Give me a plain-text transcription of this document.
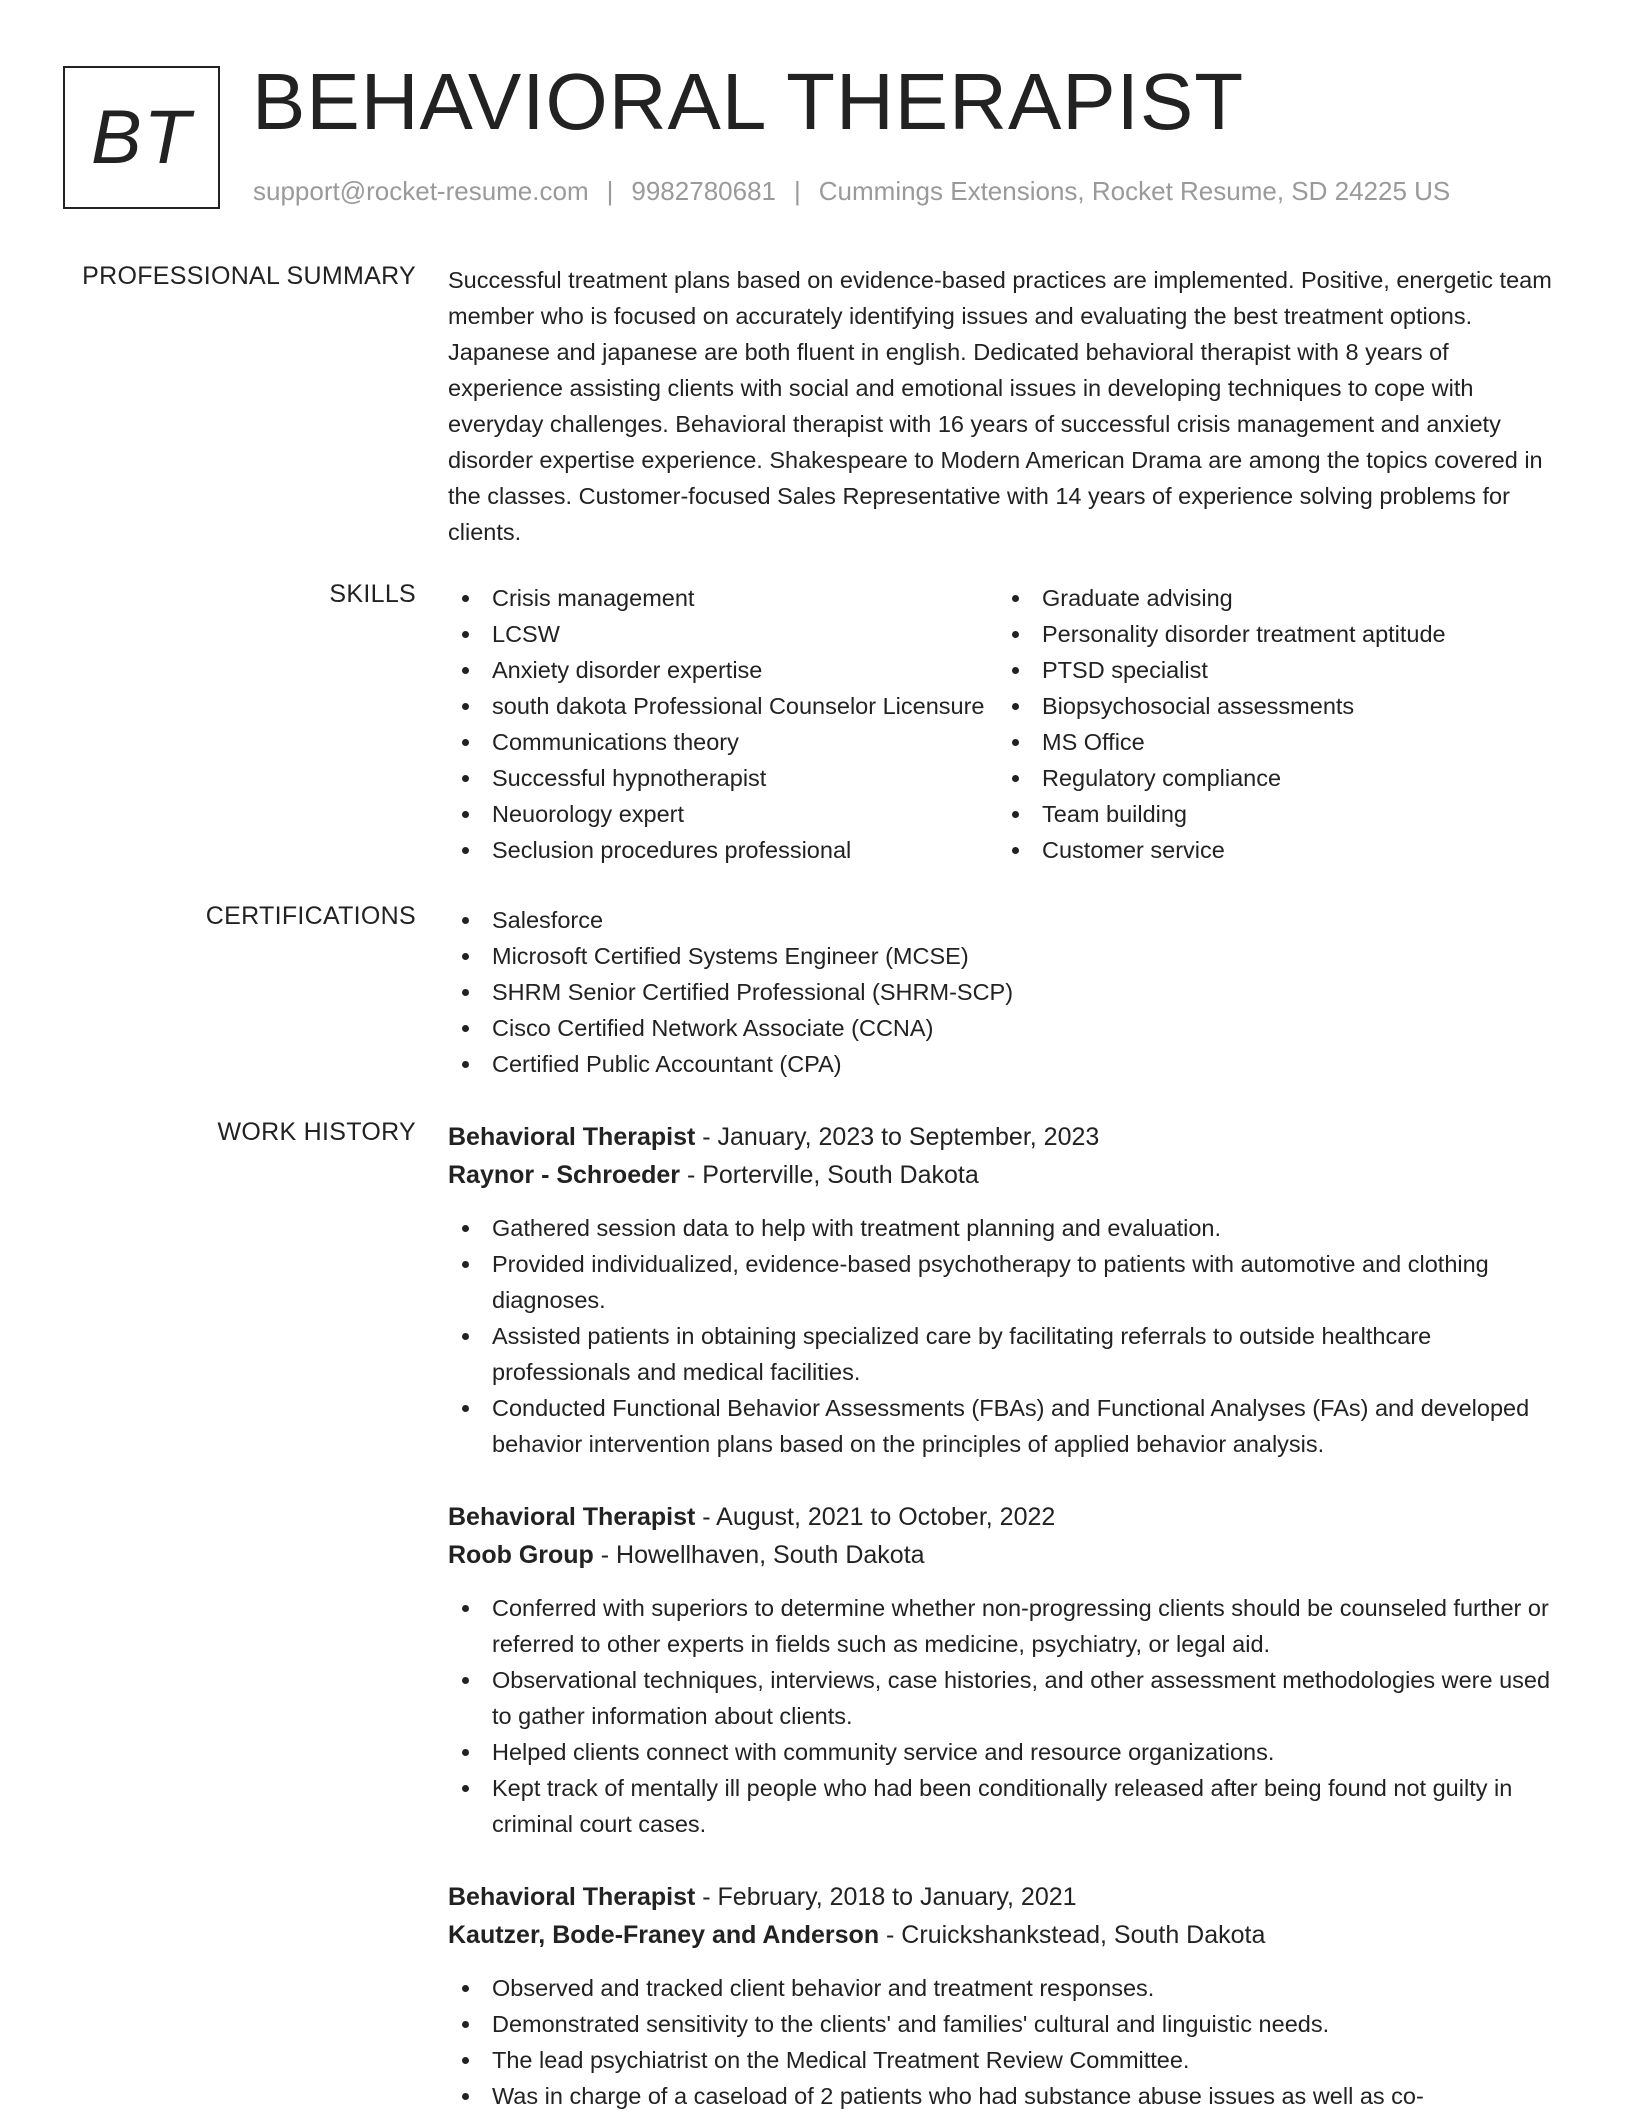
BT BEHAVIORAL THERAPIST
support@rocket-resume.com | 9982780681 | Cummings Extensions, Rocket Resume, SD 24225 US
PROFESSIONAL SUMMARY Successful treatment plans based on evidence-based practices are implemented. Positive, energetic team member who is focused on accurately identifying issues and evaluating the best treatment options. Japanese and japanese are both fluent in english. Dedicated behavioral therapist with 8 years of experience assisting clients with social and emotional issues in developing techniques to cope with everyday challenges. Behavioral therapist with 16 years of successful crisis management and anxiety disorder expertise experience. Shakespeare to Modern American Drama are among the topics covered in the classes. Customer-focused Sales Representative with 14 years of experience solving problems for clients.
SKILLS	Crisis management
LCSW
Anxiety disorder expertise
south dakota Professional Counselor Licensure
Communications theory
Successful hypnotherapist
Neuorology expert
Seclusion procedures professional
Graduate advising
Personality disorder treatment aptitude
PTSD specialist
Biopsychosocial assessments
MS Office
Regulatory compliance
Team building
Customer service
CERTIFICATIONS	Salesforce
Microsoft Certified Systems Engineer (MCSE)
SHRM Senior Certified Professional (SHRM-SCP)
Cisco Certified Network Associate (CCNA)
Certified Public Accountant (CPA)
WORK HISTORY Behavioral Therapist - January, 2023 to September, 2023
Raynor - Schroeder - Porterville, South Dakota
Gathered session data to help with treatment planning and evaluation.
Provided individualized, evidence-based psychotherapy to patients with automotive and clothing diagnoses.
Assisted patients in obtaining specialized care by facilitating referrals to outside healthcare professionals and medical facilities.
Conducted Functional Behavior Assessments (FBAs) and Functional Analyses (FAs) and developed behavior intervention plans based on the principles of applied behavior analysis.
Behavioral Therapist - August, 2021 to October, 2022
Roob Group - Howellhaven, South Dakota
Conferred with superiors to determine whether non-progressing clients should be counseled further or referred to other experts in fields such as medicine, psychiatry, or legal aid.
Observational techniques, interviews, case histories, and other assessment methodologies were used to gather information about clients.
Helped clients connect with community service and resource organizations.
Kept track of mentally ill people who had been conditionally released after being found not guilty in criminal court cases.
Behavioral Therapist - February, 2018 to January, 2021
Kautzer, Bode-Franey and Anderson - Cruickshankstead, South Dakota
Observed and tracked client behavior and treatment responses.
Demonstrated sensitivity to the clients' and families' cultural and linguistic needs.
The lead psychiatrist on the Medical Treatment Review Committee.
Was in charge of a caseload of 2 patients who had substance abuse issues as well as co-
